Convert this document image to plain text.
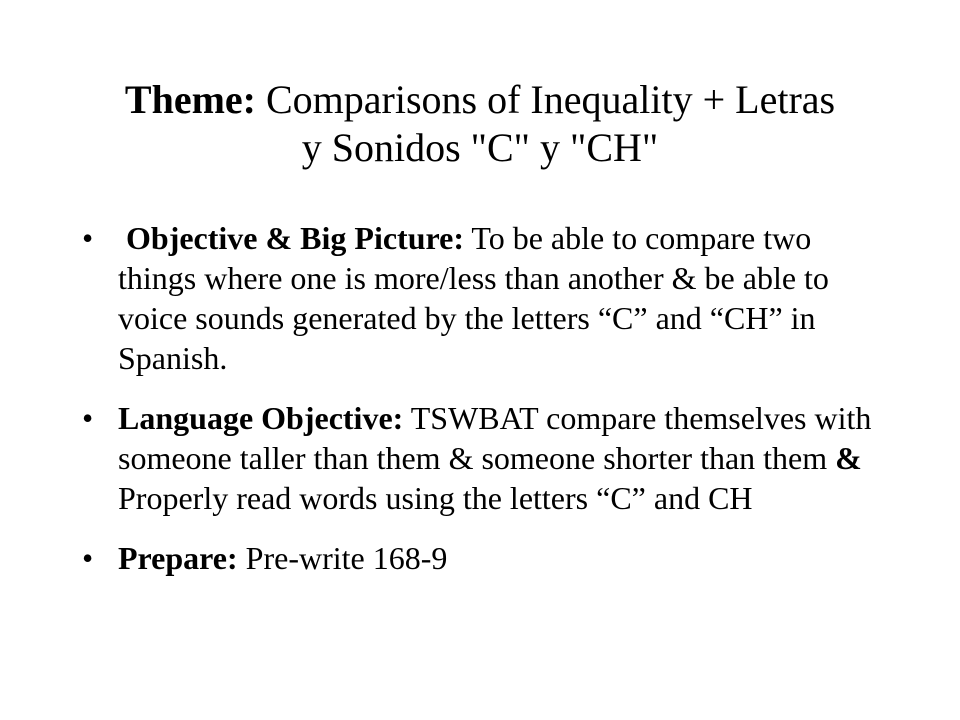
Theme: Comparisons of Inequality + Letras
y Sonidos "C" y "CH"
•	Objective & Big Picture: To be able to compare two things where one is more/less than another & be able to voice sounds generated by the letters “C” and “CH” in Spanish.
• Language Objective: TSWBAT compare themselves with someone taller than them & someone shorter than them & Properly read words using the letters “C” and CH
• Prepare: Pre-write 168-9
